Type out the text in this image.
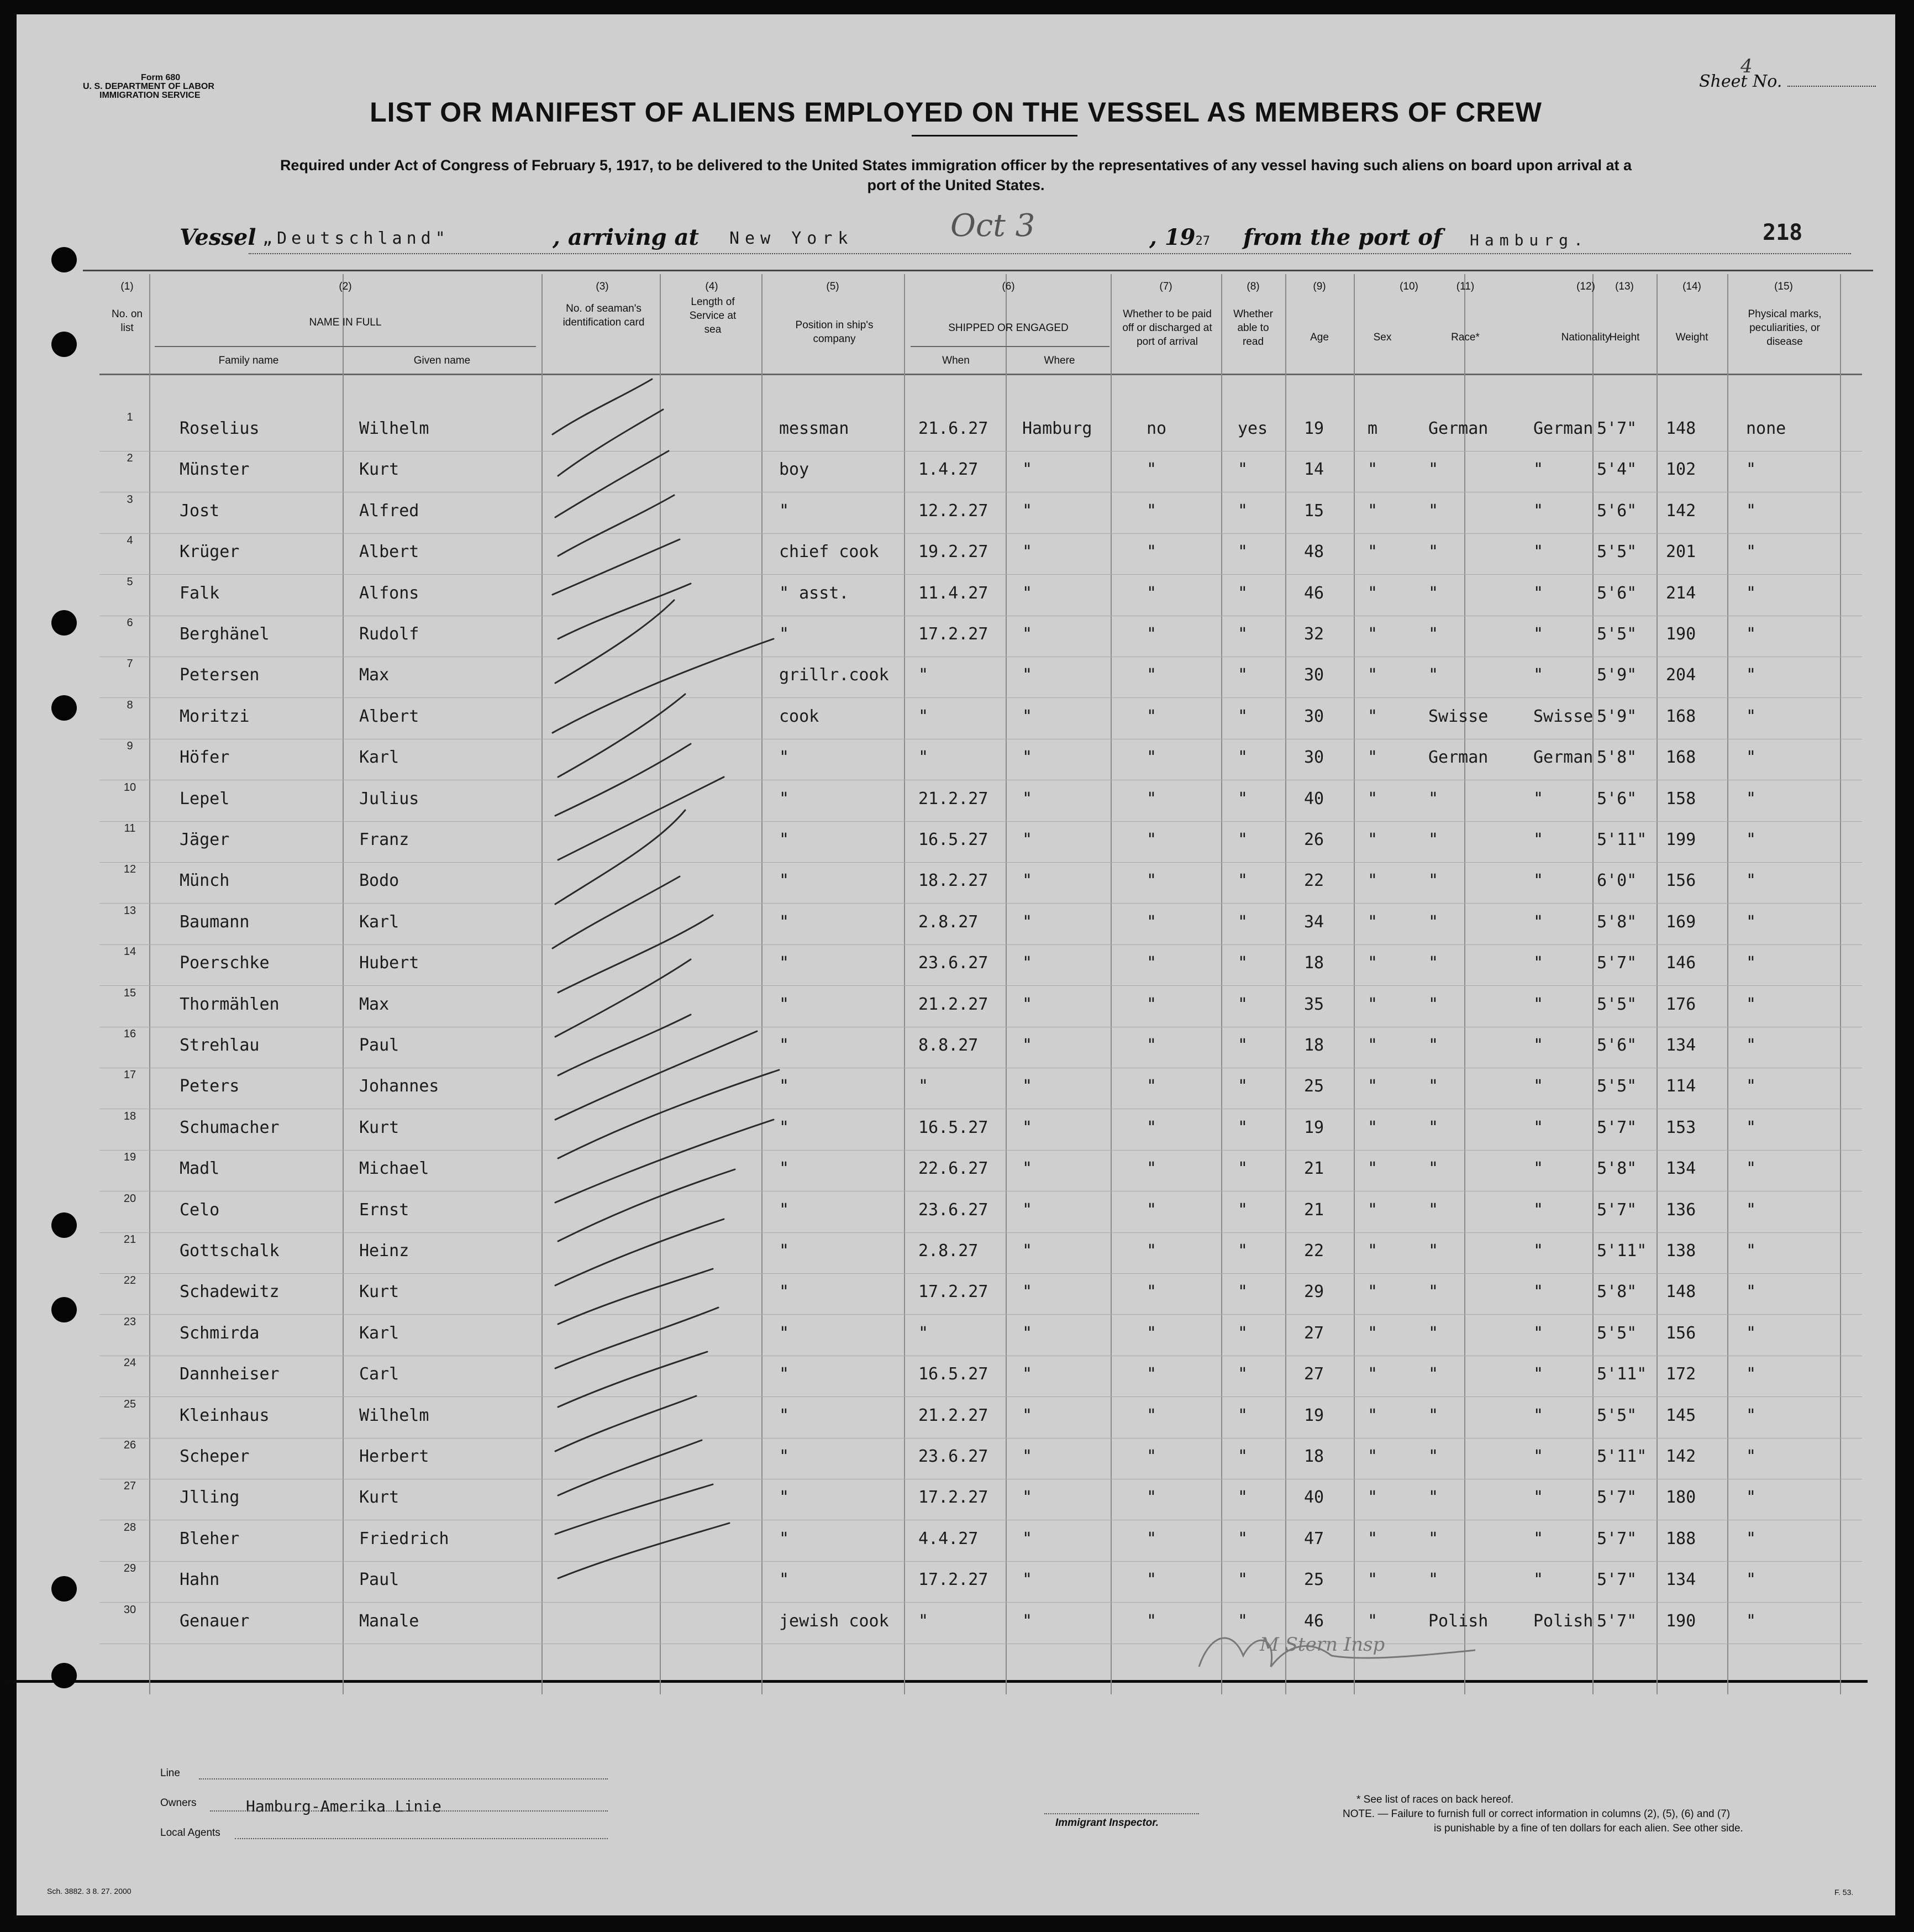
Form 680
U. S. DEPARTMENT OF LABOR
IMMIGRATION SERVICE
Sheet No.
4
LIST OR MANIFEST OF ALIENS EMPLOYED ON THE VESSEL AS MEMBERS OF CREW
Required under Act of Congress of February 5, 1917, to be delivered to the United States immigration officer by the representatives of any vessel having such aliens on board upon arrival at a
port of the United States.
Vessel „Deutschland"	, arriving at New York	Oct 3	, 1927 from the port of Hamburg.	218
(1)
No. on list
(2)
NAME IN FULL
Family name	Given name
(3)
No. of seaman's identification card
(4)
Length of Service at sea
(5)
Position in ship's company
(6)
SHIPPED OR ENGAGED
When	Where
(7)
Whether to be paid off or discharged at port of arrival
(8)
Whether able to read
(9)
Age
(10)
Sex
(11)
Race*
(12)
Nationality
(13)
Height
(14)
Weight
(15)
Physical marks, peculiarities, or disease
1
Roselius	Wilhelm	messman	21.6.27 Hamburg	no	yes 19	m	German	German 5'7" 148	none
2
Münster	Kurt	boy	1.4.27	"	"	"	14	"	"	"	5'4" 102	"
3
Jost	Alfred	"	12.2.27 "	"	"	15	"	"	"	5'6" 142	"
4
Krüger	Albert	chief cook 19.2.27 "	"	"	48	"	"	"	5'5" 201	"
5
Falk	Alfons	" asst.	11.4.27 "	"	"	46	"	"	"	5'6" 214	"
6
Berghänel	Rudolf	"	17.2.27 "	"	"	32	"	"	"	5'5" 190	"
7
Petersen	Max	grillr.cook "	"	"	"	30	"	"	"	5'9" 204	"
8
Moritzi	Albert	cook	"	"	"	"	30	"	Swisse	Swisse 5'9" 168	"
9
Höfer	Karl	"	"	"	"	"	30	"	German	German 5'8" 168	"
10
Lepel	Julius	"	21.2.27 "	"	"	40	"	"	"	5'6" 158	"
11
Jäger	Franz	"	16.5.27 "	"	"	26	"	"	"	5'11" 199	"
12
Münch	Bodo	"	18.2.27 "	"	"	22	"	"	"	6'0" 156	"
13
Baumann	Karl	"	2.8.27	"	"	"	34	"	"	"	5'8" 169	"
14
Poerschke	Hubert	"	23.6.27 "	"	"	18	"	"	"	5'7" 146	"
15
Thormählen	Max	"	21.2.27 "	"	"	35	"	"	"	5'5" 176	"
16
Strehlau	Paul	"	8.8.27	"	"	"	18	"	"	"	5'6" 134	"
17
Peters	Johannes	"	"	"	"	"	25	"	"	"	5'5" 114	"
18
Schumacher	Kurt	"	16.5.27 "	"	"	19	"	"	"	5'7" 153	"
19
Madl	Michael	"	22.6.27 "	"	"	21	"	"	"	5'8" 134	"
20
Celo	Ernst	"	23.6.27 "	"	"	21	"	"	"	5'7" 136	"
21
Gottschalk	Heinz	"	2.8.27	"	"	"	22	"	"	"	5'11" 138	"
22
Schadewitz	Kurt	"	17.2.27 "	"	"	29	"	"	"	5'8" 148	"
23
Schmirda	Karl	"	"	"	"	"	27	"	"	"	5'5" 156	"
24
Dannheiser	Carl	"	16.5.27 "	"	"	27	"	"	"	5'11" 172	"
25
Kleinhaus	Wilhelm	"	21.2.27 "	"	"	19	"	"	"	5'5" 145	"
26
Scheper	Herbert	"	23.6.27 "	"	"	18	"	"	"	5'11" 142	"
27
Jlling	Kurt	"	17.2.27 "	"	"	40	"	"	"	5'7" 180	"
28
Bleher	Friedrich	"	4.4.27	"	"	"	47	"	"	"	5'7" 188	"
29
Hahn	Paul	"	17.2.27 "	"	"	25	"	"	"	5'7" 134	"
30
Genauer	Manale	jewish cook "	"	"	"	46	"	Polish	Polish 5'7" 190	"
M Stern Insp
Line
Owners	Hamburg-Amerika Linie
Local Agents
Immigrant Inspector.
* See list of races on back hereof.
NOTE. — Failure to furnish full or correct information in columns (2), (5), (6) and (7)
is punishable by a fine of ten dollars for each alien. See other side.
Sch. 3882. 3 8. 27. 2000	F. 53.
